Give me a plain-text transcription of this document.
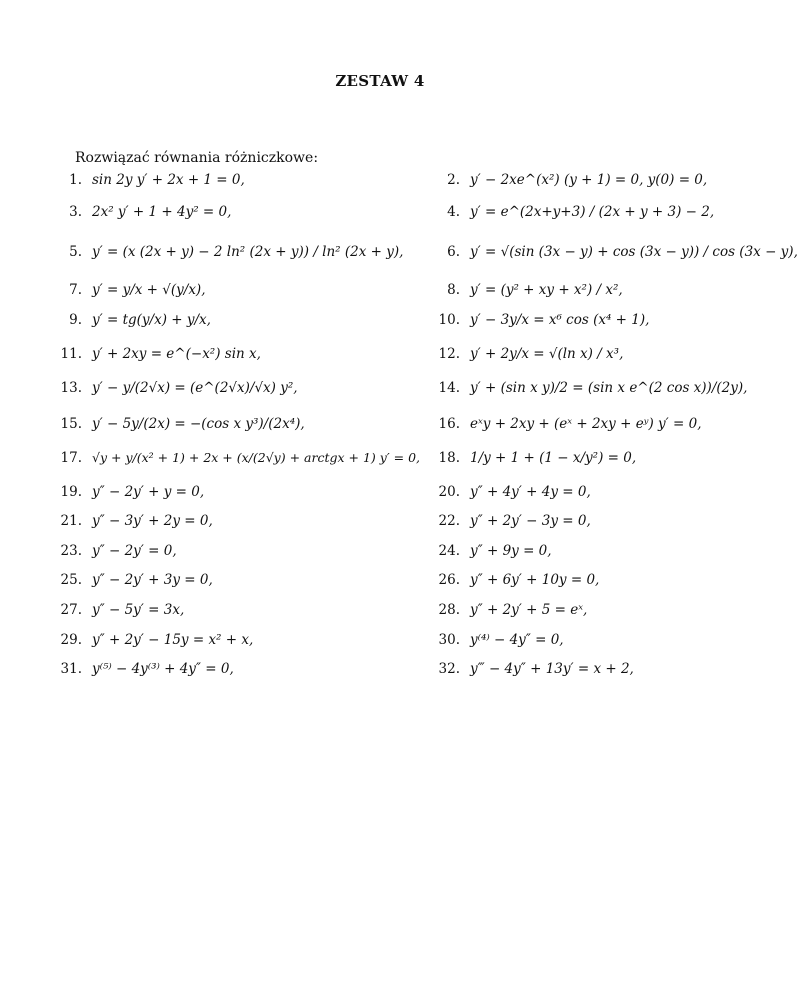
ZESTAW 4
Rozwiązać równania różniczkowe:
1. sin 2y y′ + 2x + 1 = 0,	2. y′ − 2xe^(x²) (y + 1) = 0, y(0) = 0,
3. 2x² y′ + 1 + 4y² = 0,	4. y′ = e^(2x+y+3) / (2x + y + 3) − 2,
5. y′ = (x (2x + y) − 2 ln² (2x + y)) / ln² (2x + y),	6. y′ = √(sin (3x − y) + cos (3x − y)) / cos (3x − y),
7. y′ = y/x + √(y/x),	8. y′ = (y² + xy + x²) / x²,
9. y′ = tg(y/x) + y/x,	10. y′ − 3y/x = x⁶ cos (x⁴ + 1),
11. y′ + 2xy = e^(−x²) sin x,	12. y′ + 2y/x = √(ln x) / x³,
13. y′ − y/(2√x) = (e^(2√x)/√x) y²,	14. y′ + (sin x y)/2 = (sin x e^(2 cos x))/(2y),
15. y′ − 5y/(2x) = −(cos x y³)/(2x⁴),	16. eˣy + 2xy + (eˣ + 2xy + eʸ) y′ = 0,
17. √y + y/(x² + 1) + 2x + (x/(2√y) + arctgx + 1) y′ = 0,	18. 1/y + 1 + (1 − x/y²) = 0,
19. y″ − 2y′ + y = 0,	20. y″ + 4y′ + 4y = 0,
21. y″ − 3y′ + 2y = 0,	22. y″ + 2y′ − 3y = 0,
23. y″ − 2y′ = 0,	24. y″ + 9y = 0,
25. y″ − 2y′ + 3y = 0,	26. y″ + 6y′ + 10y = 0,
27. y″ − 5y′ = 3x,	28. y″ + 2y′ + 5 = eˣ,
29. y″ + 2y′ − 15y = x² + x,	30. y⁽⁴⁾ − 4y″ = 0,
31. y⁽⁵⁾ − 4y⁽³⁾ + 4y″ = 0,	32. y‴ − 4y″ + 13y′ = x + 2,
